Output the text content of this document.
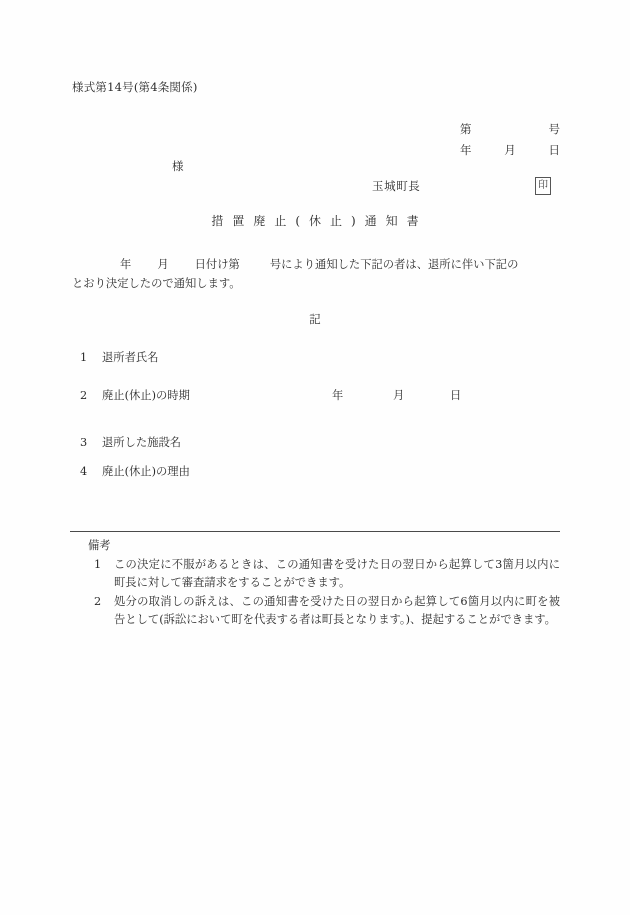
様式第14号(第4条関係)
第	号
年	月	日
様
玉城町長	印
措置廃止(休止)通知書
年 月 日付け第	号により通知した下記の者は、退所に伴い下記の
とおり決定したので通知します。
記
1 退所者氏名
2 廃止(休止)の時期	年	月	日
3 退所した施設名
4 廃止(休止)の理由
備考
1 この決定に不服があるときは、この通知書を受けた日の翌日から起算して3箇月以内に町長に対して審査請求をすることができます。
2 処分の取消しの訴えは、この通知書を受けた日の翌日から起算して6箇月以内に町を被告として(訴訟において町を代表する者は町長となります。)、提起することができます。
